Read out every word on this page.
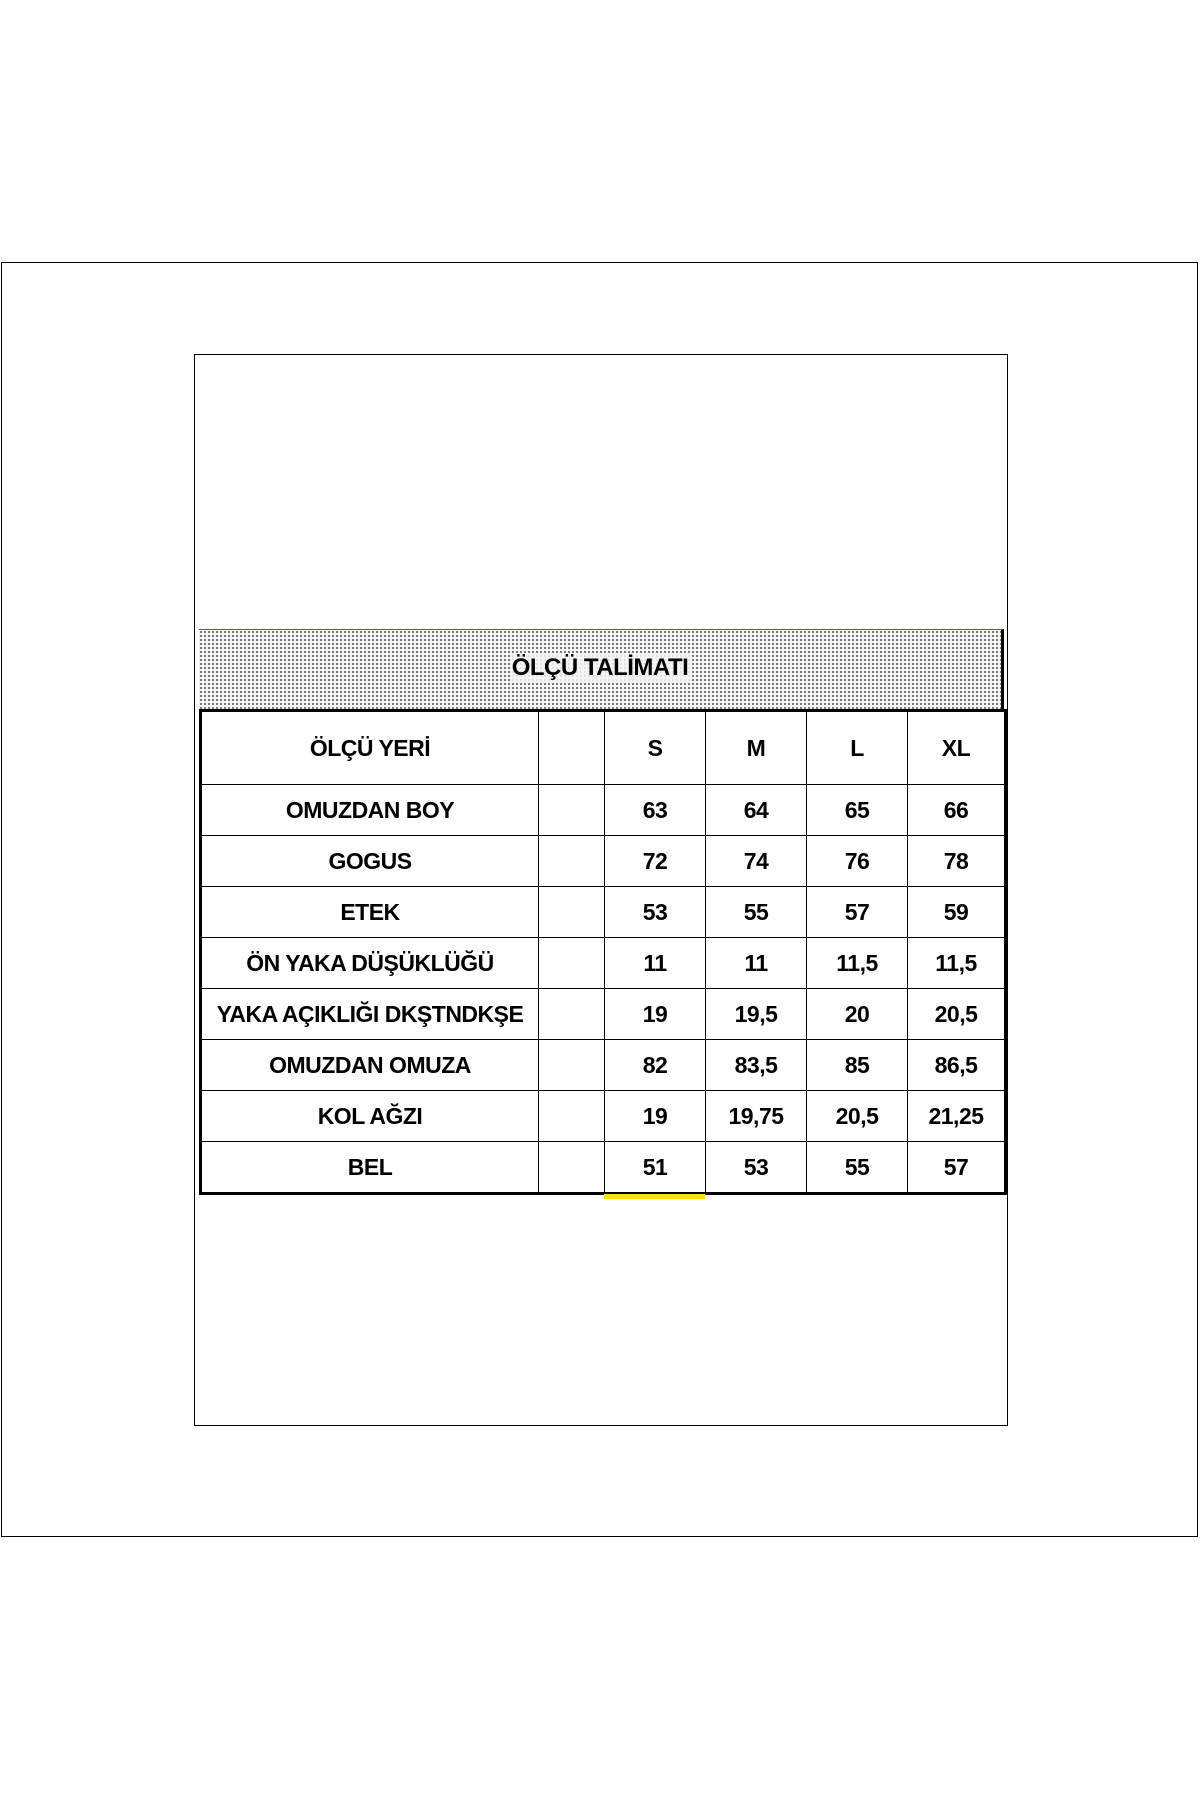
ÖLÇÜ TALİMATI
ÖLÇÜ YERİ		S	M	L	XL
OMUZDAN BOY		63	64	65	66
GOGUS		72	74	76	78
ETEK		53	55	57	59
ÖN YAKA DÜŞÜKLÜĞÜ		11	11	11,5	11,5
YAKA AÇIKLIĞI DKŞTNDKŞE		19	19,5	20	20,5
OMUZDAN OMUZA		82	83,5	85	86,5
KOL AĞZI		19	19,75	20,5	21,25
BEL		51	53	55	57
